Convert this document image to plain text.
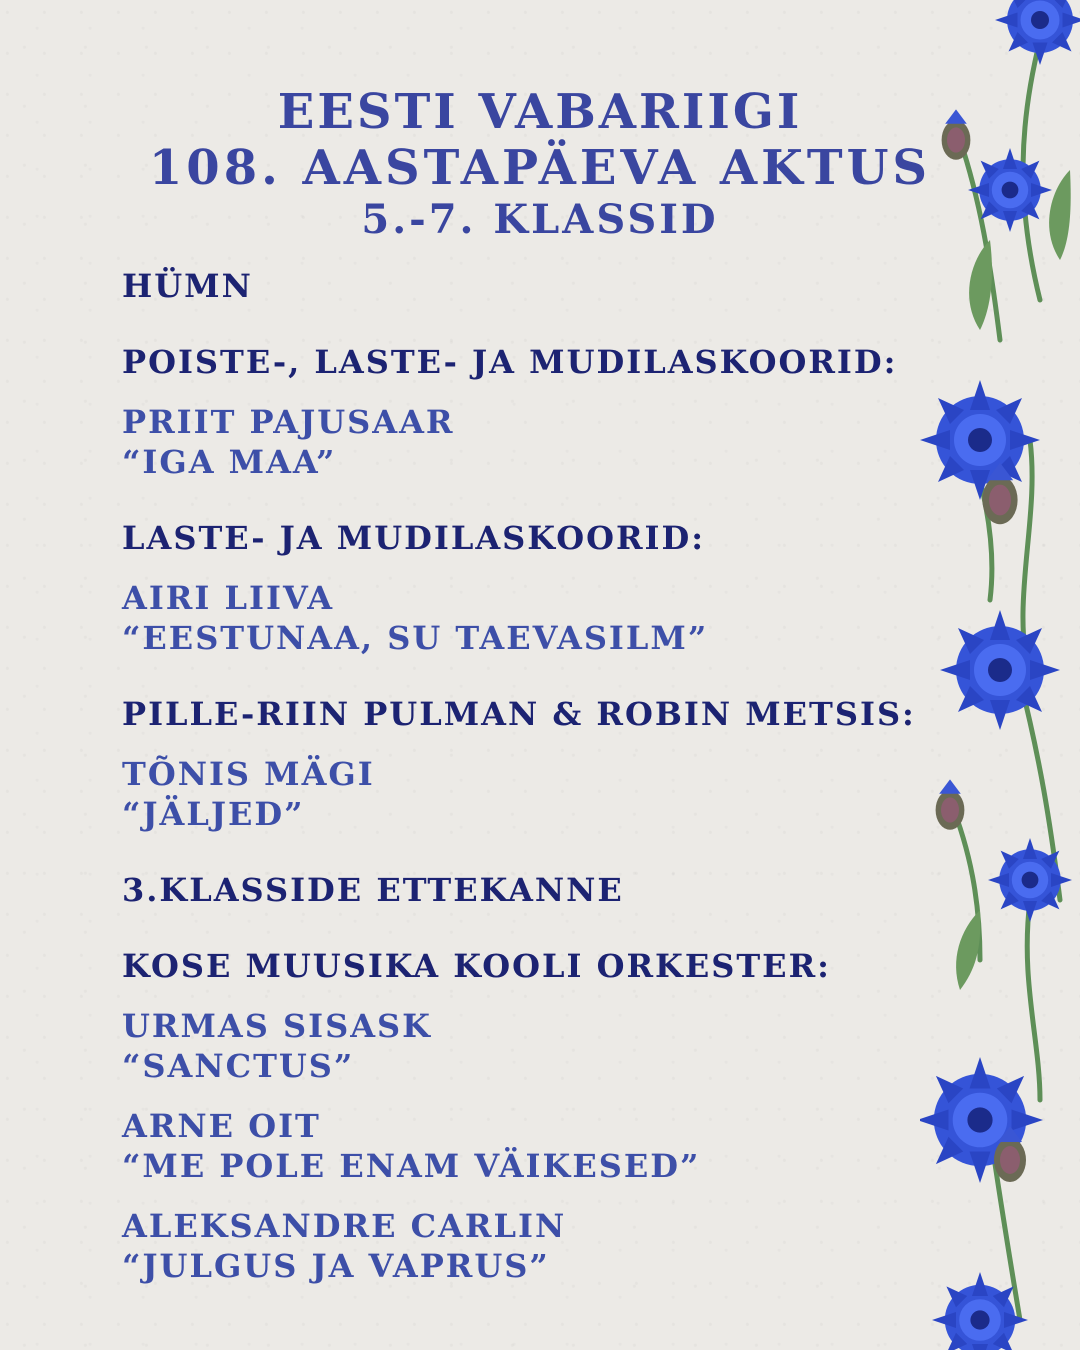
EESTI VABARIIGI
108. AASTAPÄEVA AKTUS
5.-7. KLASSID
HÜMN
POISTE-, LASTE- JA MUDILASKOORID:
PRIIT PAJUSAAR
“IGA MAA”
LASTE- JA MUDILASKOORID:
AIRI LIIVA
“EESTUNAA, SU TAEVASILM”
PILLE-RIIN PULMAN & ROBIN METSIS:
TÕNIS MÄGI
“JÄLJED”
3.KLASSIDE ETTEKANNE
KOSE MUUSIKA KOOLI ORKESTER:
URMAS SISASK
“SANCTUS”
ARNE OIT
“ME POLE ENAM VÄIKESED”
ALEKSANDRE CARLIN
“JULGUS JA VAPRUS”
